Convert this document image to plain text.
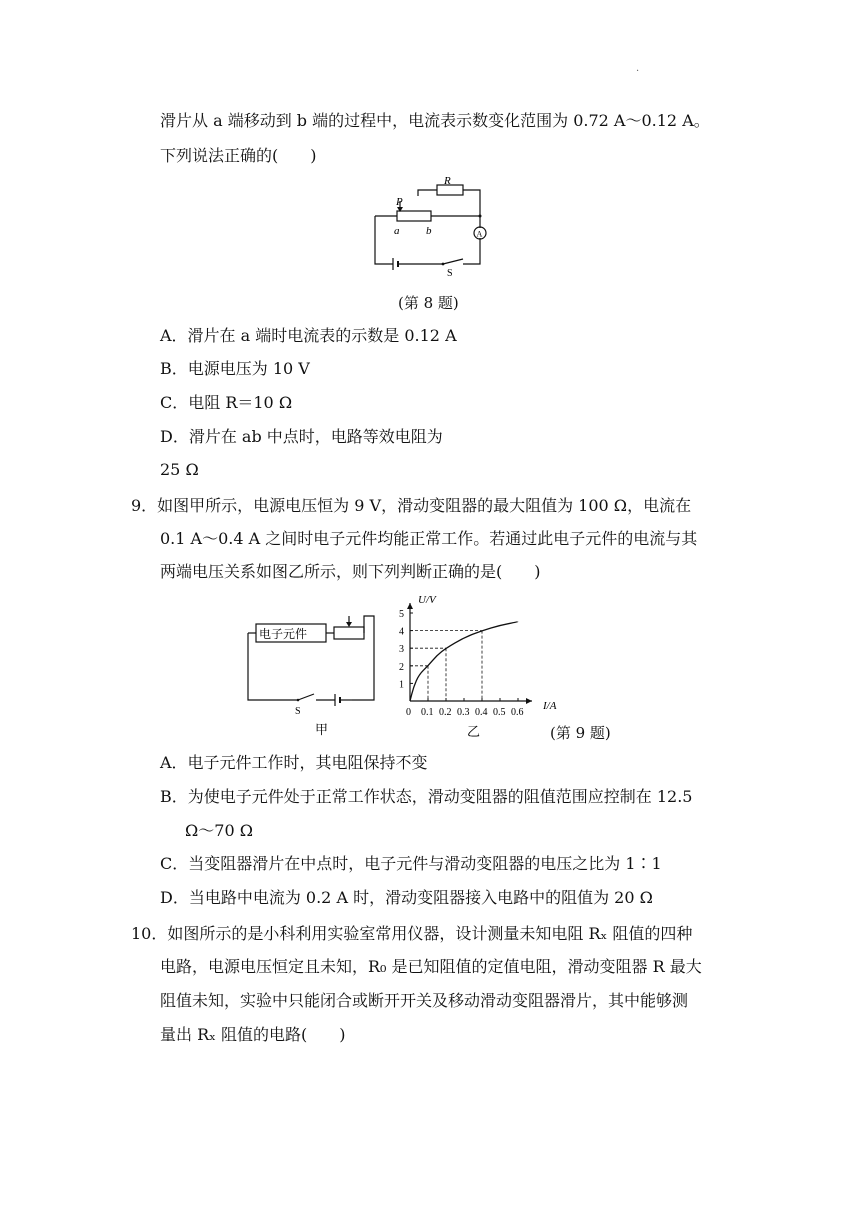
·
滑片从 a 端移动到 b 端的过程中，电流表示数变化范围为 0.72 A～0.12 A。
下列说法正确的(　　)
R
P
a b	A
S
(第 8 题)
A．滑片在 a 端时电流表的示数是 0.12 A
B．电源电压为 10 V
C．电阻 R＝10 Ω
D．滑片在 ab 中点时，电路等效电阻为
25 Ω
9．如图甲所示，电源电压恒为 9 V，滑动变阻器的最大阻值为 100 Ω，电流在
0.1 A～0.4 A 之间时电子元件均能正常工作。若通过此电子元件的电流与其
两端电压关系如图乙所示，则下列判断正确的是(　　)
电子元件
S
甲
0 0.1 0.2 0.3 0.4 0.5 0.6
1
2
3
4
5
U/V
I/A
乙	(第 9 题)
A．电子元件工作时，其电阻保持不变
B．为使电子元件处于正常工作状态，滑动变阻器的阻值范围应控制在 12.5
Ω～70 Ω
C．当变阻器滑片在中点时，电子元件与滑动变阻器的电压之比为 1∶1
D．当电路中电流为 0.2 A 时，滑动变阻器接入电路中的阻值为 20 Ω
10．如图所示的是小科利用实验室常用仪器，设计测量未知电阻 Rₓ 阻值的四种
电路，电源电压恒定且未知，R₀ 是已知阻值的定值电阻，滑动变阻器 R 最大
阻值未知，实验中只能闭合或断开开关及移动滑动变阻器滑片，其中能够测
量出 Rₓ 阻值的电路(　　)
